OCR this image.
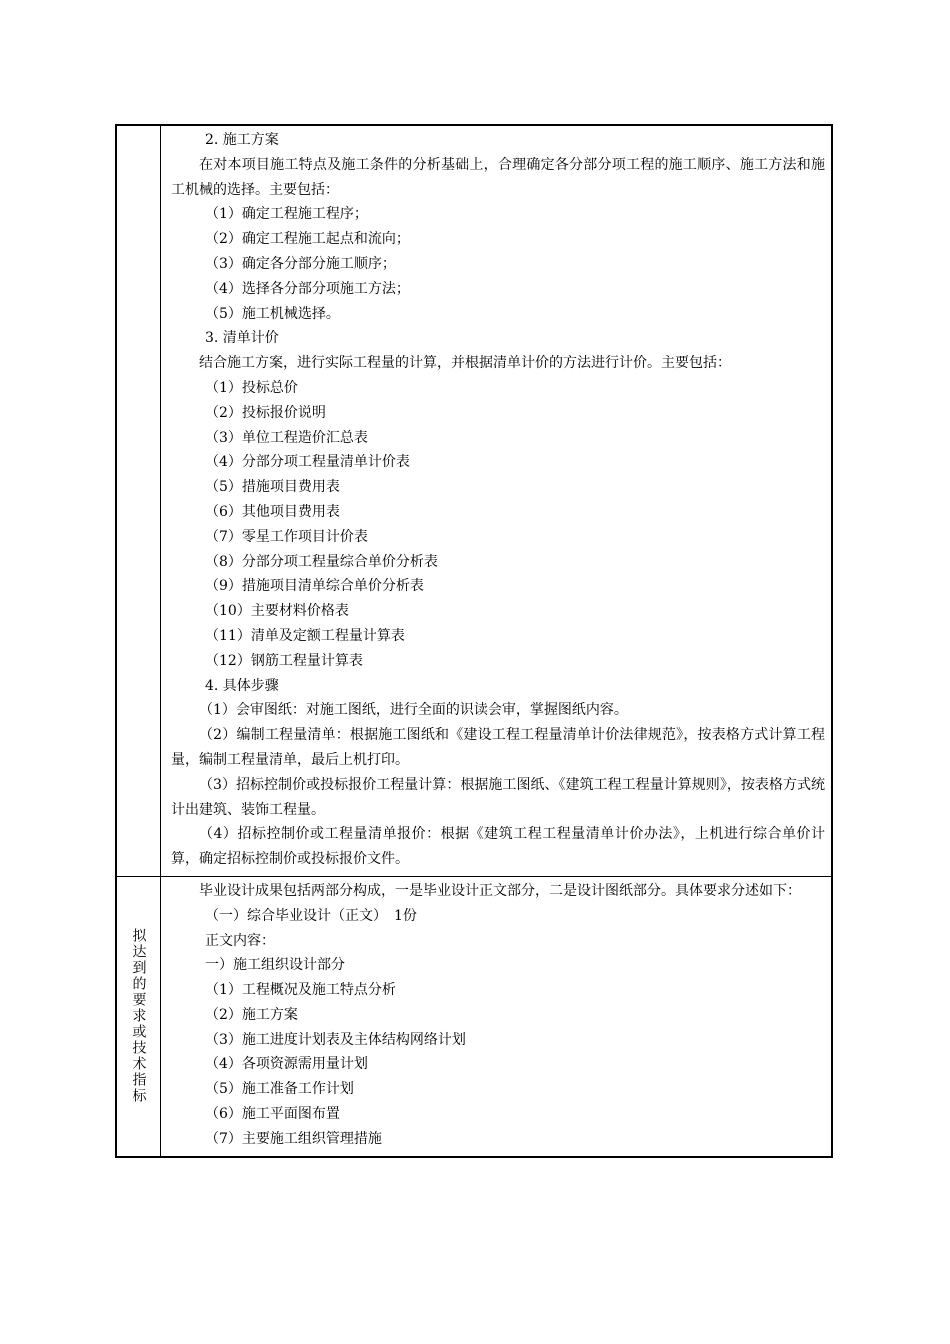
2. 施工方案

在对本项目施工特点及施工条件的分析基础上，合理确定各分部分项工程的施工顺序、施工方法和施工机械的选择。主要包括：

（1）确定工程施工程序；

（2）确定工程施工起点和流向；

（3）确定各分部分施工顺序；

（4）选择各分部分项施工方法；

（5）施工机械选择。

3. 清单计价

结合施工方案，进行实际工程量的计算，并根据清单计价的方法进行计价。主要包括：

（1）投标总价

（2）投标报价说明

（3）单位工程造价汇总表

（4）分部分项工程量清单计价表

（5）措施项目费用表

（6）其他项目费用表

（7）零星工作项目计价表

（8）分部分项工程量综合单价分析表

（9）措施项目清单综合单价分析表

（10）主要材料价格表

（11）清单及定额工程量计算表

（12）钢筋工程量计算表

4. 具体步骤

（1）会审图纸：对施工图纸，进行全面的识读会审，掌握图纸内容。

（2）编制工程量清单：根据施工图纸和《建设工程工程量清单计价法律规范》，按表格方式计算工程量，编制工程量清单，最后上机打印。

（3）招标控制价或投标报价工程量计算：根据施工图纸、《建筑工程工程量计算规则》，按表格方式统计出建筑、装饰工程量。

（4）招标控制价或工程量清单报价：根据《建筑工程工程量清单计价办法》，上机进行综合单价计算，确定招标控制价或投标报价文件。

拟达到的要求或技术指标

毕业设计成果包括两部分构成，一是毕业设计正文部分，二是设计图纸部分。具体要求分述如下：

（一）综合毕业设计（正文）　1份

正文内容：

一）施工组织设计部分

（1）工程概况及施工特点分析

（2）施工方案

（3）施工进度计划表及主体结构网络计划

（4）各项资源需用量计划

（5）施工准备工作计划

（6）施工平面图布置

（7）主要施工组织管理措施
